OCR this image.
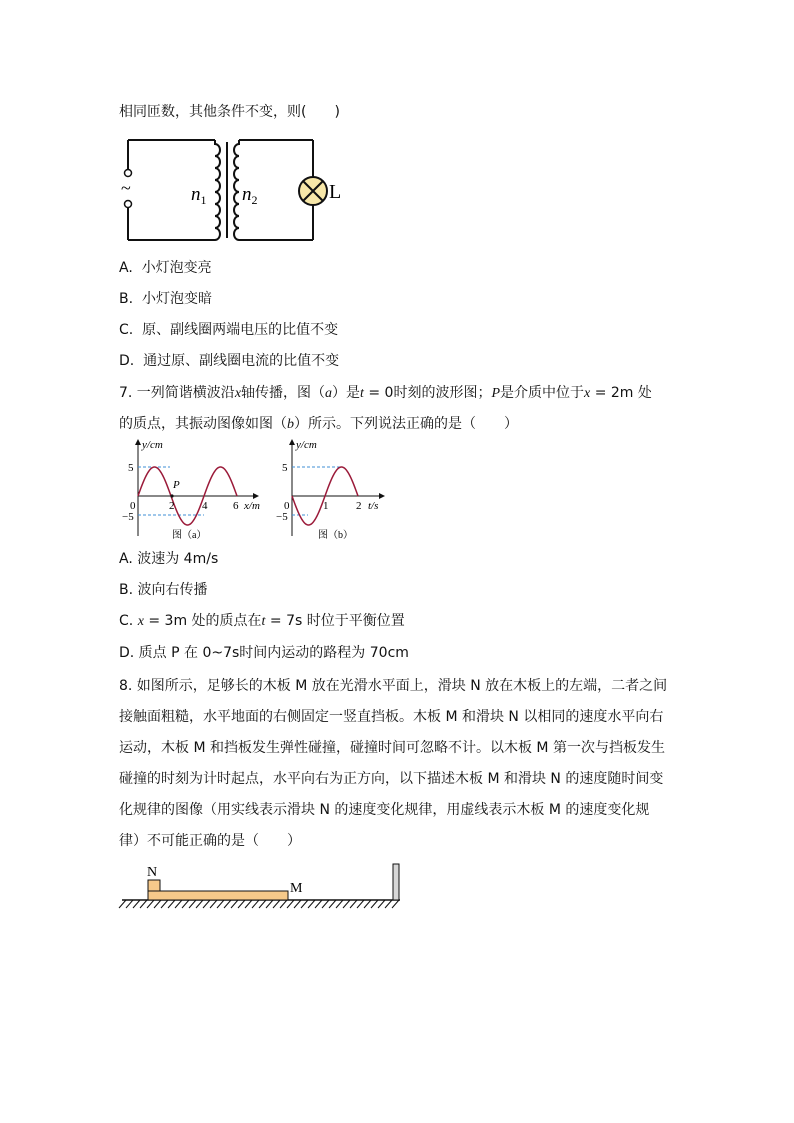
相同匝数，其他条件不变，则(　　)
~	$n_1$ $n_2$	L
A. 小灯泡变亮
B. 小灯泡变暗
C. 原、副线圈两端电压的比值不变
D. 通过原、副线圈电流的比值不变
7. 一列简谐横波沿x轴传播，图（a）是t = 0时刻的波形图；P是介质中位于x = 2m 处
的质点，其振动图像如图（b）所示。下列说法正确的是（　　）
P
y/cm
x/m
5
−5
0	2	4 6
图（a）
y/cm
t/s
5
−5
0	1	2
图（b）
A. 波速为 4m/s
B. 波向右传播
C. x = 3m 处的质点在t = 7s 时位于平衡位置
D. 质点 P 在 0~7s时间内运动的路程为 70cm
8. 如图所示，足够长的木板 M 放在光滑水平面上，滑块 N 放在木板上的左端，二者之间
接触面粗糙，水平地面的右侧固定一竖直挡板。木板 M 和滑块 N 以相同的速度水平向右
运动，木板 M 和挡板发生弹性碰撞，碰撞时间可忽略不计。以木板 M 第一次与挡板发生
碰撞的时刻为计时起点，水平向右为正方向，以下描述木板 M 和滑块 N 的速度随时间变
化规律的图像（用实线表示滑块 N 的速度变化规律，用虚线表示木板 M 的速度变化规
律）不可能正确的是（　　）
N
M
